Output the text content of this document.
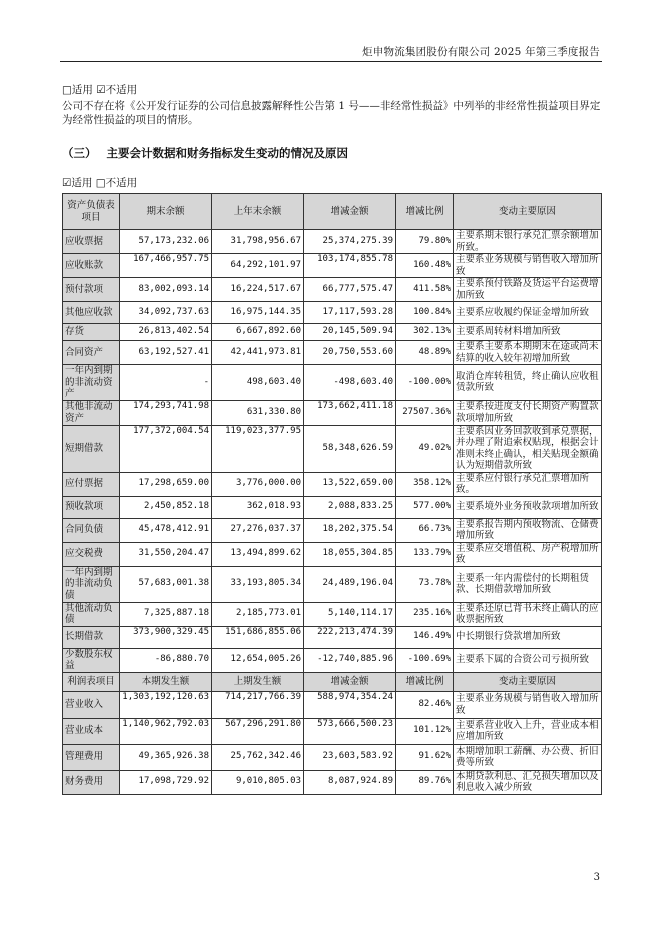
炬申物流集团股份有限公司 2025 年第三季度报告
□适用 ☑不适用
公司不存在将《公开发行证券的公司信息披露解释性公告第 1 号——非经常性损益》中列举的非经常性损益项目界定为经常性损益的项目的情形。
（三） 主要会计数据和财务指标发生变动的情况及原因
☑适用 □不适用
资产负债表项目	期末余额	上年末余额	增减金额	增减比例	变动主要原因
应收票据	57,173,232.06	31,798,956.67	25,374,275.39	79.80%	主要系期末银行承兑汇票余额增加所致。
应收账款	167,466,957.75	64,292,101.97	103,174,855.78	160.48%	主要系业务规模与销售收入增加所致
预付款项	83,002,093.14	16,224,517.67	66,777,575.47	411.58%	主要系预付铁路及货运平台运费增加所致
其他应收款	34,092,737.63	16,975,144.35	17,117,593.28	100.84%	主要系应收履约保证金增加所致
存货	26,813,402.54	6,667,892.60	20,145,509.94	302.13%	主要系周转材料增加所致
合同资产	63,192,527.41	42,441,973.81	20,750,553.60	48.89%	主要系主要系本期期末在途或尚未结算的收入较年初增加所致
一年内到期的非流动资产	-	498,603.40	-498,603.40	-100.00%	取消仓库转租赁，终止确认应收租赁款所致
其他非流动资产	174,293,741.98	631,330.80	173,662,411.18	27507.36%	主要系按进度支付长期资产购置款款项增加所致
短期借款	177,372,004.54	119,023,377.95	58,348,626.59	49.02%	主要系因业务回款收到承兑票据，并办理了附追索权贴现，根据会计准则未终止确认，相关贴现金额确认为短期借款所致
应付票据	17,298,659.00	3,776,000.00	13,522,659.00	358.12%	主要系应付银行承兑汇票增加所致。
预收款项	2,450,852.18	362,018.93	2,088,833.25	577.00%	主要系境外业务预收款项增加所致
合同负债	45,478,412.91	27,276,037.37	18,202,375.54	66.73%	主要系报告期内预收物流、仓储费增加所致
应交税费	31,550,204.47	13,494,899.62	18,055,304.85	133.79%	主要系应交增值税、房产税增加所致
一年内到期的非流动负债	57,683,001.38	33,193,805.34	24,489,196.04	73.78%	主要系一年内需偿付的长期租赁款、长期借款增加所致
其他流动负债	7,325,887.18	2,185,773.01	5,140,114.17	235.16%	主要系还原已背书未终止确认的应收票据所致
长期借款	373,900,329.45	151,686,855.06	222,213,474.39	146.49%	中长期银行贷款增加所致
少数股东权益	-86,880.70	12,654,005.26	-12,740,885.96	-100.69%	主要系下属的合资公司亏损所致
利润表项目	本期发生额	上期发生额	增减金额	增减比例	变动主要原因
营业收入	1,303,192,120.63	714,217,766.39	588,974,354.24	82.46%	主要系业务规模与销售收入增加所致
营业成本	1,140,962,792.03	567,296,291.80	573,666,500.23	101.12%	主要系营业收入上升，营业成本相应增加所致
管理费用	49,365,926.38	25,762,342.46	23,603,583.92	91.62%	本期增加职工薪酬、办公费、折旧费等所致
财务费用	17,098,729.92	9,010,805.03	8,087,924.89	89.76%	本期贷款利息、汇兑损失增加以及利息收入减少所致
3
